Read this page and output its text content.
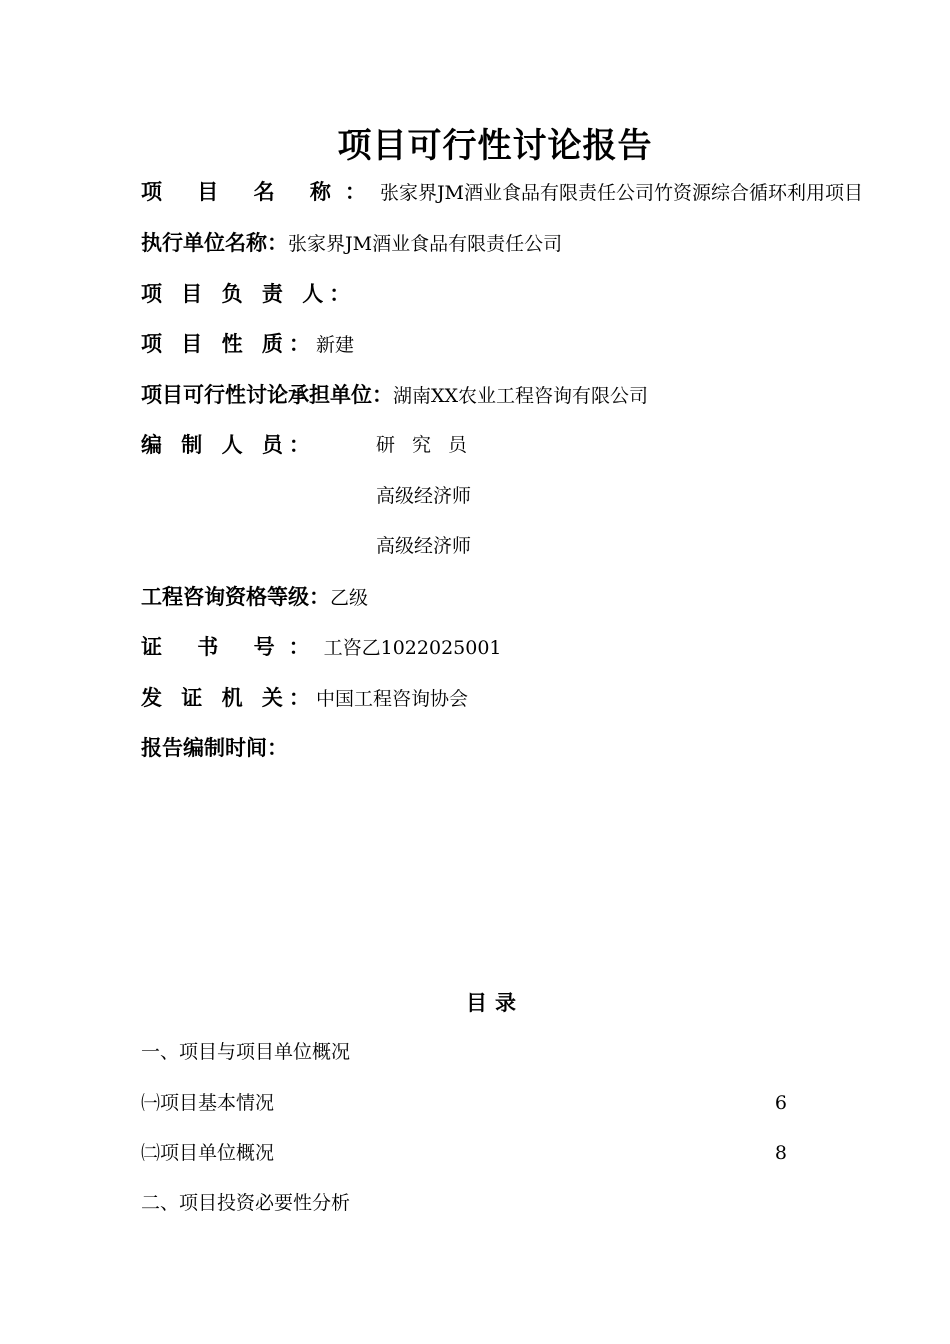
项目可行性讨论报告
项 目 名 称：张家界JM酒业食品有限责任公司竹资源综合循环利用项目
执行单位名称：张家界JM酒业食品有限责任公司
项 目 负 责 人：
项 目 性 质：新建
项目可行性讨论承担单位：湖南XX农业工程咨询有限公司
编 制 人 员：	研究员
高级经济师
高级经济师
工程咨询资格等级：乙级
证 书 号：工咨乙1022025001
发 证 机 关：中国工程咨询协会
报告编制时间：
目录
一、项目与项目单位概况
㈠项目基本情况	6
㈡项目单位概况	8
二、项目投资必要性分析
